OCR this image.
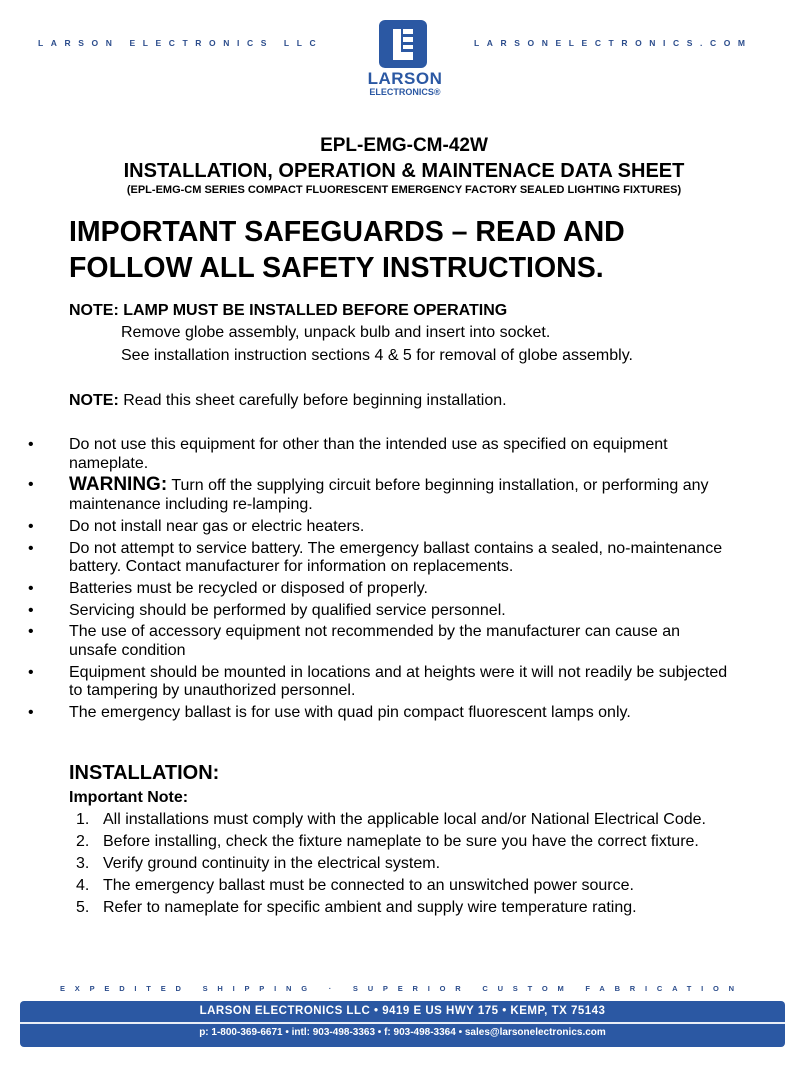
LARSON ELECTRONICS LLC	LARSONELECTRONICS.COM
LARSON
ELECTRONICS®
EPL-EMG-CM-42W
INSTALLATION, OPERATION & MAINTENACE DATA SHEET
(EPL-EMG-CM SERIES COMPACT FLUORESCENT EMERGENCY FACTORY SEALED LIGHTING FIXTURES)
IMPORTANT SAFEGUARDS – READ AND
FOLLOW ALL SAFETY INSTRUCTIONS.
NOTE: LAMP MUST BE INSTALLED BEFORE OPERATING
Remove globe assembly, unpack bulb and insert into socket.
See installation instruction sections 4 & 5 for removal of globe assembly.
NOTE: Read this sheet carefully before beginning installation.
• Do not use this equipment for other than the intended use as specified on equipment nameplate.
• WARNING: Turn off the supplying circuit before beginning installation, or performing any maintenance including re-lamping.
• Do not install near gas or electric heaters.
• Do not attempt to service battery. The emergency ballast contains a sealed, no-maintenance battery. Contact manufacturer for information on replacements.
• Batteries must be recycled or disposed of properly.
• Servicing should be performed by qualified service personnel.
• The use of accessory equipment not recommended by the manufacturer can cause an unsafe condition
• Equipment should be mounted in locations and at heights were it will not readily be subjected to tampering by unauthorized personnel.
• The emergency ballast is for use with quad pin compact fluorescent lamps only.
INSTALLATION:
Important Note:
1. All installations must comply with the applicable local and/or National Electrical Code.
2. Before installing, check the fixture nameplate to be sure you have the correct fixture.
3. Verify ground continuity in the electrical system.
4. The emergency ballast must be connected to an unswitched power source.
5. Refer to nameplate for specific ambient and supply wire temperature rating.
EXPEDITED SHIPPING · SUPERIOR CUSTOM FABRICATION
LARSON ELECTRONICS LLC • 9419 E US HWY 175 • KEMP, TX 75143
p: 1-800-369-6671 • intl: 903-498-3363 • f: 903-498-3364 • sales@larsonelectronics.com
